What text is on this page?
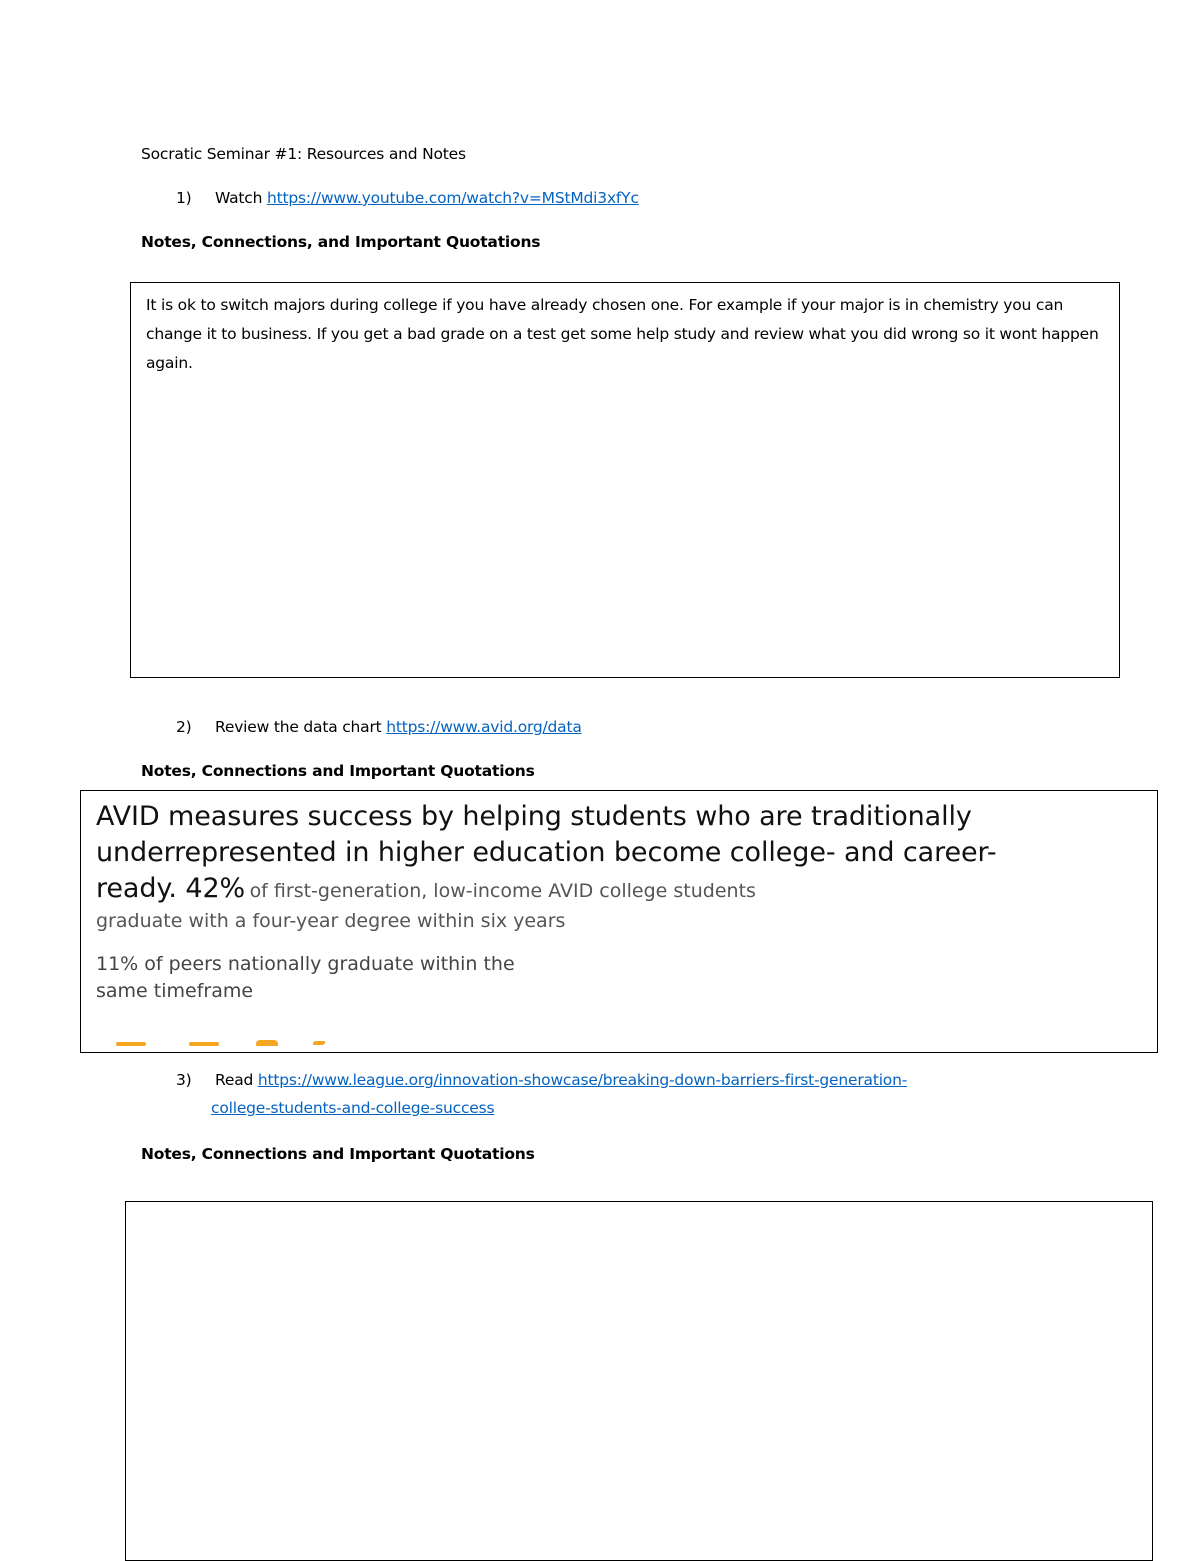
Socratic Seminar #1: Resources and Notes
1) Watch https://www.youtube.com/watch?v=MStMdi3xfYc
Notes, Connections, and Important Quotations
It is ok to switch majors during college if you have already chosen one. For example if your major is in chemistry you can change it to business. If you get a bad grade on a test get some help study and review what you did wrong so it wont happen again.
2) Review the data chart https://www.avid.org/data
Notes, Connections and Important Quotations
AVID measures success by helping students who are traditionally
underrepresented in higher education become college- and career-
ready. 42% of first-generation, low-income AVID college students
graduate with a four-year degree within six years
11% of peers nationally graduate within the
same timeframe
3) Read https://www.league.org/innovation-showcase/breaking-down-barriers-first-generation-
college-students-and-college-success
Notes, Connections and Important Quotations
